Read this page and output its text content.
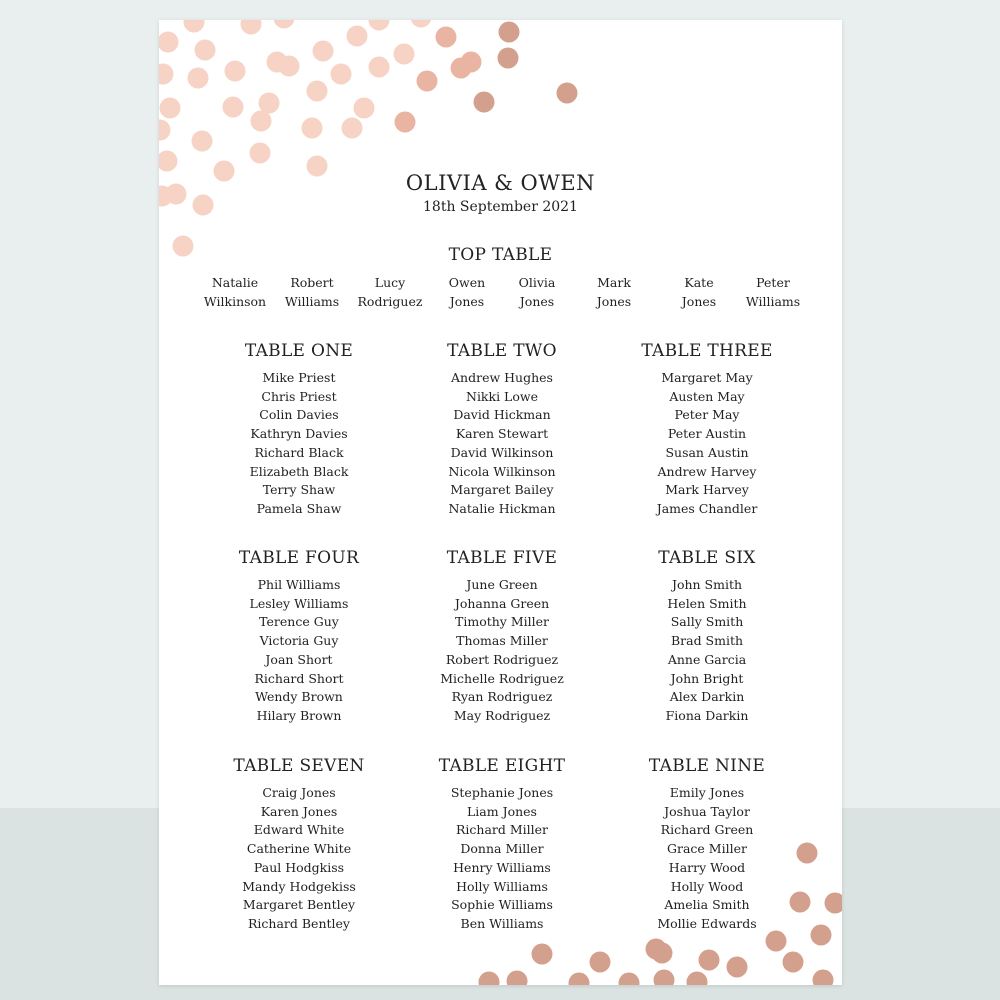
OLIVIA & OWEN
18th September 2021
TOP TABLE
Natalie
Wilkinson
Robert
Williams
Lucy
Rodriguez
Owen
Jones
Olivia
Jones
Mark
Jones
Kate
Jones
Peter
Williams
TABLE ONE
Mike Priest
Chris Priest
Colin Davies
Kathryn Davies
Richard Black
Elizabeth Black
Terry Shaw
Pamela Shaw
TABLE TWO
Andrew Hughes
Nikki Lowe
David Hickman
Karen Stewart
David Wilkinson
Nicola Wilkinson
Margaret Bailey
Natalie Hickman
TABLE THREE
Margaret May
Austen May
Peter May
Peter Austin
Susan Austin
Andrew Harvey
Mark Harvey
James Chandler
TABLE FOUR
Phil Williams
Lesley Williams
Terence Guy
Victoria Guy
Joan Short
Richard Short
Wendy Brown
Hilary Brown
TABLE FIVE
June Green
Johanna Green
Timothy Miller
Thomas Miller
Robert Rodriguez
Michelle Rodriguez
Ryan Rodriguez
May Rodriguez
TABLE SIX
John Smith
Helen Smith
Sally Smith
Brad Smith
Anne Garcia
John Bright
Alex Darkin
Fiona Darkin
TABLE SEVEN
Craig Jones
Karen Jones
Edward White
Catherine White
Paul Hodgkiss
Mandy Hodgekiss
Margaret Bentley
Richard Bentley
TABLE EIGHT
Stephanie Jones
Liam Jones
Richard Miller
Donna Miller
Henry Williams
Holly Williams
Sophie Williams
Ben Williams
TABLE NINE
Emily Jones
Joshua Taylor
Richard Green
Grace Miller
Harry Wood
Holly Wood
Amelia Smith
Mollie Edwards
